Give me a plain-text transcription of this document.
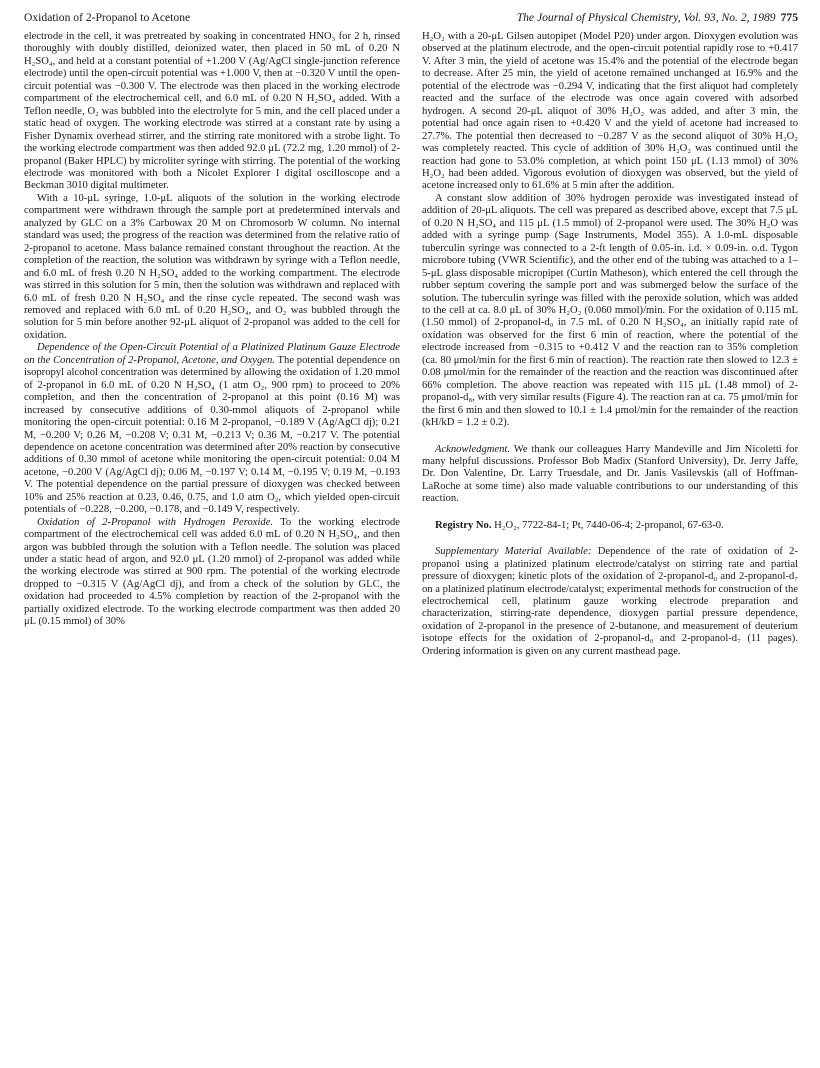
Oxidation of 2-Propanol to Acetone	The Journal of Physical Chemistry, Vol. 93, No. 2, 1989 775

electrode in the cell, it was pretreated by soaking in concentrated HNO₃ for 2 h, rinsed thoroughly with doubly distilled, deionized water, then placed in 50 mL of 0.20 N H₂SO₄, and held at a constant potential of +1.200 V (Ag/AgCl single-junction reference electrode) until the open-circuit potential was +1.000 V, then at −0.320 V until the open-circuit potential was −0.300 V. The electrode was then placed in the working electrode compartment of the electrochemical cell, and 6.0 mL of 0.20 N H₂SO₄ added. With a Teflon needle, O₂ was bubbled into the electrolyte for 5 min, and the cell placed under a static head of oxygen. The working electrode was stirred at a constant rate by using a Fisher Dynamix overhead stirrer, and the stirring rate monitored with a strobe light. To the working electrode compartment was then added 92.0 μL (72.2 mg, 1.20 mmol) of 2-propanol (Baker HPLC) by microliter syringe with stirring. The potential of the working electrode was monitored with both a Nicolet Explorer I digital oscilloscope and a Beckman 3010 digital multimeter.

With a 10-μL syringe, 1.0-μL aliquots of the solution in the working electrode compartment were withdrawn through the sample port at predetermined intervals and analyzed by GLC on a 3% Carbowax 20 M on Chromosorb W column. No internal standard was used; the progress of the reaction was determined from the relative ratio of 2-propanol to acetone. Mass balance remained constant throughout the reaction. At the completion of the reaction, the solution was withdrawn by syringe with a Teflon needle, and 6.0 mL of fresh 0.20 N H₂SO₄ added to the working compartment. The electrode was stirred in this solution for 5 min, then the solution was withdrawn and replaced with 6.0 mL of fresh 0.20 N H₂SO₄ and the rinse cycle repeated. The second wash was removed and replaced with 6.0 mL of 0.20 H₂SO₄, and O₂ was bubbled through the solution for 5 min before another 92-μL aliquot of 2-propanol was added to the cell for oxidation.

Dependence of the Open-Circuit Potential of a Platinized Platinum Gauze Electrode on the Concentration of 2-Propanol, Acetone, and Oxygen. The potential dependence on isopropyl alcohol concentration was determined by allowing the oxidation of 1.20 mmol of 2-propanol in 6.0 mL of 0.20 N H₂SO₄ (1 atm O₂, 900 rpm) to proceed to 20% completion, and then the concentration of 2-propanol at this point (0.16 M) was increased by consecutive additions of 0.30-mmol aliquots of 2-propanol while monitoring the open-circuit potential: 0.16 M 2-propanol, −0.189 V (Ag/AgCl dj); 0.21 M, −0.200 V; 0.26 M, −0.208 V; 0.31 M, −0.213 V; 0.36 M, −0.217 V. The potential dependence on acetone concentration was determined after 20% reaction by consecutive additions of 0.30 mmol of acetone while monitoring the open-circuit potential: 0.04 M acetone, −0.200 V (Ag/AgCl dj); 0.06 M, −0.197 V; 0.14 M, −0.195 V; 0.19 M, −0.193 V. The potential dependence on the partial pressure of dioxygen was checked between 10% and 25% reaction at 0.23, 0.46, 0.75, and 1.0 atm O₂, which yielded open-circuit potentials of −0.228, −0.200, −0.178, and −0.149 V, respectively.

Oxidation of 2-Propanol with Hydrogen Peroxide. To the working electrode compartment of the electrochemical cell was added 6.0 mL of 0.20 N H₂SO₄, and then argon was bubbled through the solution with a Teflon needle. The solution was placed under a static head of argon, and 92.0 μL (1.20 mmol) of 2-propanol was added while the working electrode was stirred at 900 rpm. The potential of the working electrode dropped to −0.315 V (Ag/AgCl dj), and from a check of the solution by GLC, the oxidation had proceeded to 4.5% completion by reaction of the 2-propanol with the partially oxidized electrode. To the working electrode compartment was then added 20 μL (0.15 mmol) of 30%

H₂O₂ with a 20-μL Gilsen autopipet (Model P20) under argon. Dioxygen evolution was observed at the platinum electrode, and the open-circuit potential rapidly rose to +0.417 V. After 3 min, the yield of acetone was 15.4% and the potential of the electrode began to decrease. After 25 min, the yield of acetone remained unchanged at 16.9% and the potential of the electrode was −0.294 V, indicating that the first aliquot had completely reacted and the surface of the electrode was once again covered with adsorbed hydrogen. A second 20-μL aliquot of 30% H₂O₂ was added, and after 3 min, the potential had once again risen to +0.420 V and the yield of acetone had increased to 27.7%. The potential then decreased to −0.287 V as the second aliquot of 30% H₂O₂ was completely reacted. This cycle of addition of 30% H₂O₂ was continued until the reaction had gone to 53.0% completion, at which point 150 μL (1.13 mmol) of 30% H₂O₂ had been added. Vigorous evolution of dioxygen was observed, but the yield of acetone increased only to 61.6% at 5 min after the addition.

A constant slow addition of 30% hydrogen peroxide was investigated instead of addition of 20-μL aliquots. The cell was prepared as described above, except that 7.5 μL of 0.20 N H₂SO₄ and 115 μL (1.5 mmol) of 2-propanol were used. The 30% H₂O was added with a syringe pump (Sage Instruments, Model 355). A 1.0-mL disposable tuberculin syringe was connected to a 2-ft length of 0.05-in. i.d. × 0.09-in. o.d. Tygon microbore tubing (VWR Scientific), and the other end of the tubing was attached to a 1–5-μL glass disposable micropipet (Curtin Matheson), which entered the cell through the rubber septum covering the sample port and was submerged below the surface of the solution. The tuberculin syringe was filled with the peroxide solution, which was added to the cell at ca. 8.0 μL of 30% H₂O₂ (0.060 mmol)/min. For the oxidation of 0.115 mL (1.50 mmol) of 2-propanol-d₀ in 7.5 mL of 0.20 N H₂SO₄, an initially rapid rate of oxidation was observed for the first 6 min of reaction, where the potential of the electrode increased from −0.315 to +0.412 V and the reaction ran to 35% completion (ca. 80 μmol/min for the first 6 min of reaction). The reaction rate then slowed to 12.3 ± 0.08 μmol/min for the remainder of the reaction and the reaction was discontinued after 66% completion. The above reaction was repeated with 115 μL (1.48 mmol) of 2-propanol-d₈, with very similar results (Figure 4). The reaction ran at ca. 75 μmol/min for the first 6 min and then slowed to 10.1 ± 1.4 μmol/min for the remainder of the reaction (kH/kD = 1.2 ± 0.2).

Acknowledgment. We thank our colleagues Harry Mandeville and Jim Nicoletti for many helpful discussions. Professor Bob Madix (Stanford University), Dr. Jerry Jaffe, Dr. Don Valentine, Dr. Larry Truesdale, and Dr. Janis Vasilevskis (all of Hoffman-LaRoche at some time) also made valuable contributions to our understanding of this reaction.

Registry No. H₂O₂, 7722-84-1; Pt, 7440-06-4; 2-propanol, 67-63-0.

Supplementary Material Available: Dependence of the rate of oxidation of 2-propanol using a platinized platinum electrode/catalyst on stirring rate and partial pressure of dioxygen; kinetic plots of the oxidation of 2-propanol-d₀ and 2-propanol-d₇ on a platinized platinum electrode/catalyst; experimental methods for construction of the electrochemical cell, platinum gauze working electrode preparation and characterization, stirring-rate dependence, dioxygen partial pressure dependence, oxidation of 2-propanol in the presence of 2-butanone, and measurement of deuterium isotope effects for the oxidation of 2-propanol-d₀ and 2-propanol-d₇ (11 pages). Ordering information is given on any current masthead page.
